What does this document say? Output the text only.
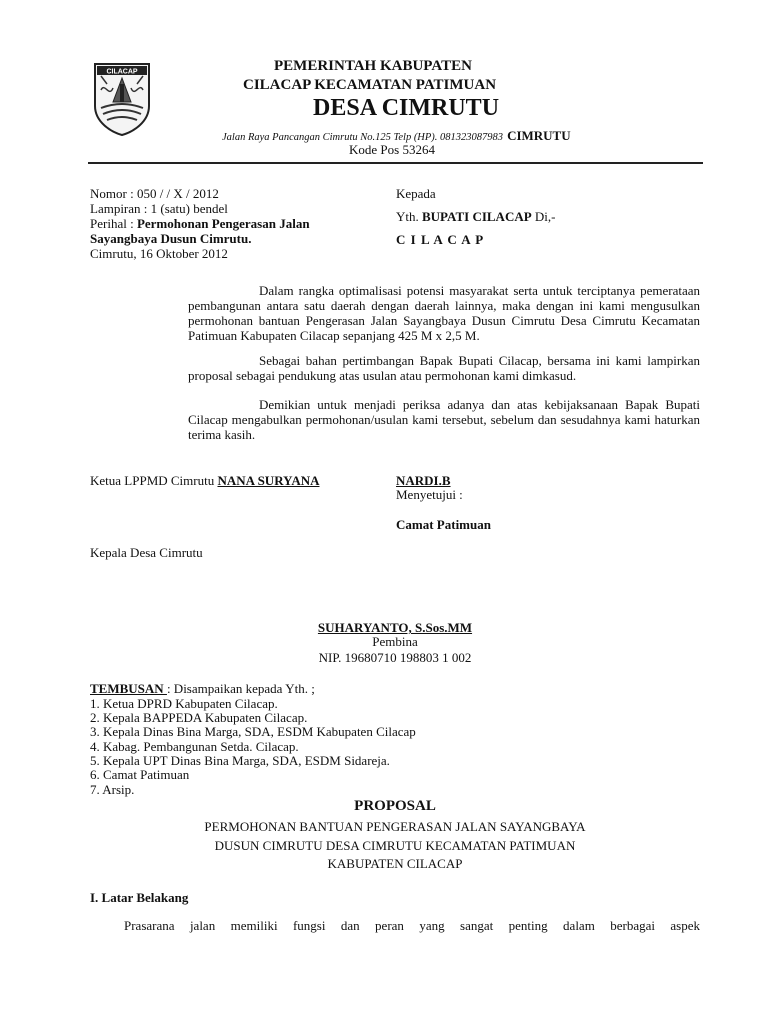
CILACAP	PEMERINTAH KABUPATEN
CILACAP KECAMATAN PATIMUAN
DESA CIMRUTU
Jalan Raya Pancangan Cimrutu No.125 Telp (HP). 081323087983 CIMRUTU
Kode Pos 53264
Nomor : 050 / / X / 2012
Lampiran : 1 (satu) bendel
Perihal : Permohonan Pengerasan Jalan
Sayangbaya Dusun Cimrutu.
Cimrutu, 16 Oktober 2012
Kepada
Yth. BUPATI CILACAP Di,-
C I L A C A P
Dalam rangka optimalisasi potensi masyarakat serta untuk terciptanya pemerataan pembangunan antara satu daerah dengan daerah lainnya, maka dengan ini kami mengusulkan permohonan bantuan Pengerasan Jalan Sayangbaya Dusun Cimrutu Desa Cimrutu Kecamatan Patimuan Kabupaten Cilacap sepanjang 425 M x 2,5 M.
Sebagai bahan pertimbangan Bapak Bupati Cilacap, bersama ini kami lampirkan proposal sebagai pendukung atas usulan atau permohonan kami dimkasud.
Demikian untuk menjadi periksa adanya dan atas kebijaksanaan Bapak Bupati Cilacap mengabulkan permohonan/usulan kami tersebut, sebelum dan sesudahnya kami haturkan terima kasih.
Ketua LPPMD Cimrutu NANA SURYANA	NARDI.B
Menyetujui :
Camat Patimuan
Kepala Desa Cimrutu
SUHARYANTO, S.Sos.MM
Pembina
NIP. 19680710 198803 1 002
TEMBUSAN : Disampaikan kepada Yth. ;
1. Ketua DPRD Kabupaten Cilacap.
2. Kepala BAPPEDA Kabupaten Cilacap.
3. Kepala Dinas Bina Marga, SDA, ESDM Kabupaten Cilacap
4. Kabag. Pembangunan Setda. Cilacap.
5. Kepala UPT Dinas Bina Marga, SDA, ESDM Sidareja.
6. Camat Patimuan
7. Arsip.
PROPOSAL
PERMOHONAN BANTUAN PENGERASAN JALAN SAYANGBAYA
DUSUN CIMRUTU DESA CIMRUTU KECAMATAN PATIMUAN
KABUPATEN CILACAP
I. Latar Belakang
Prasarana jalan memiliki fungsi dan peran yang sangat penting dalam berbagai aspek
